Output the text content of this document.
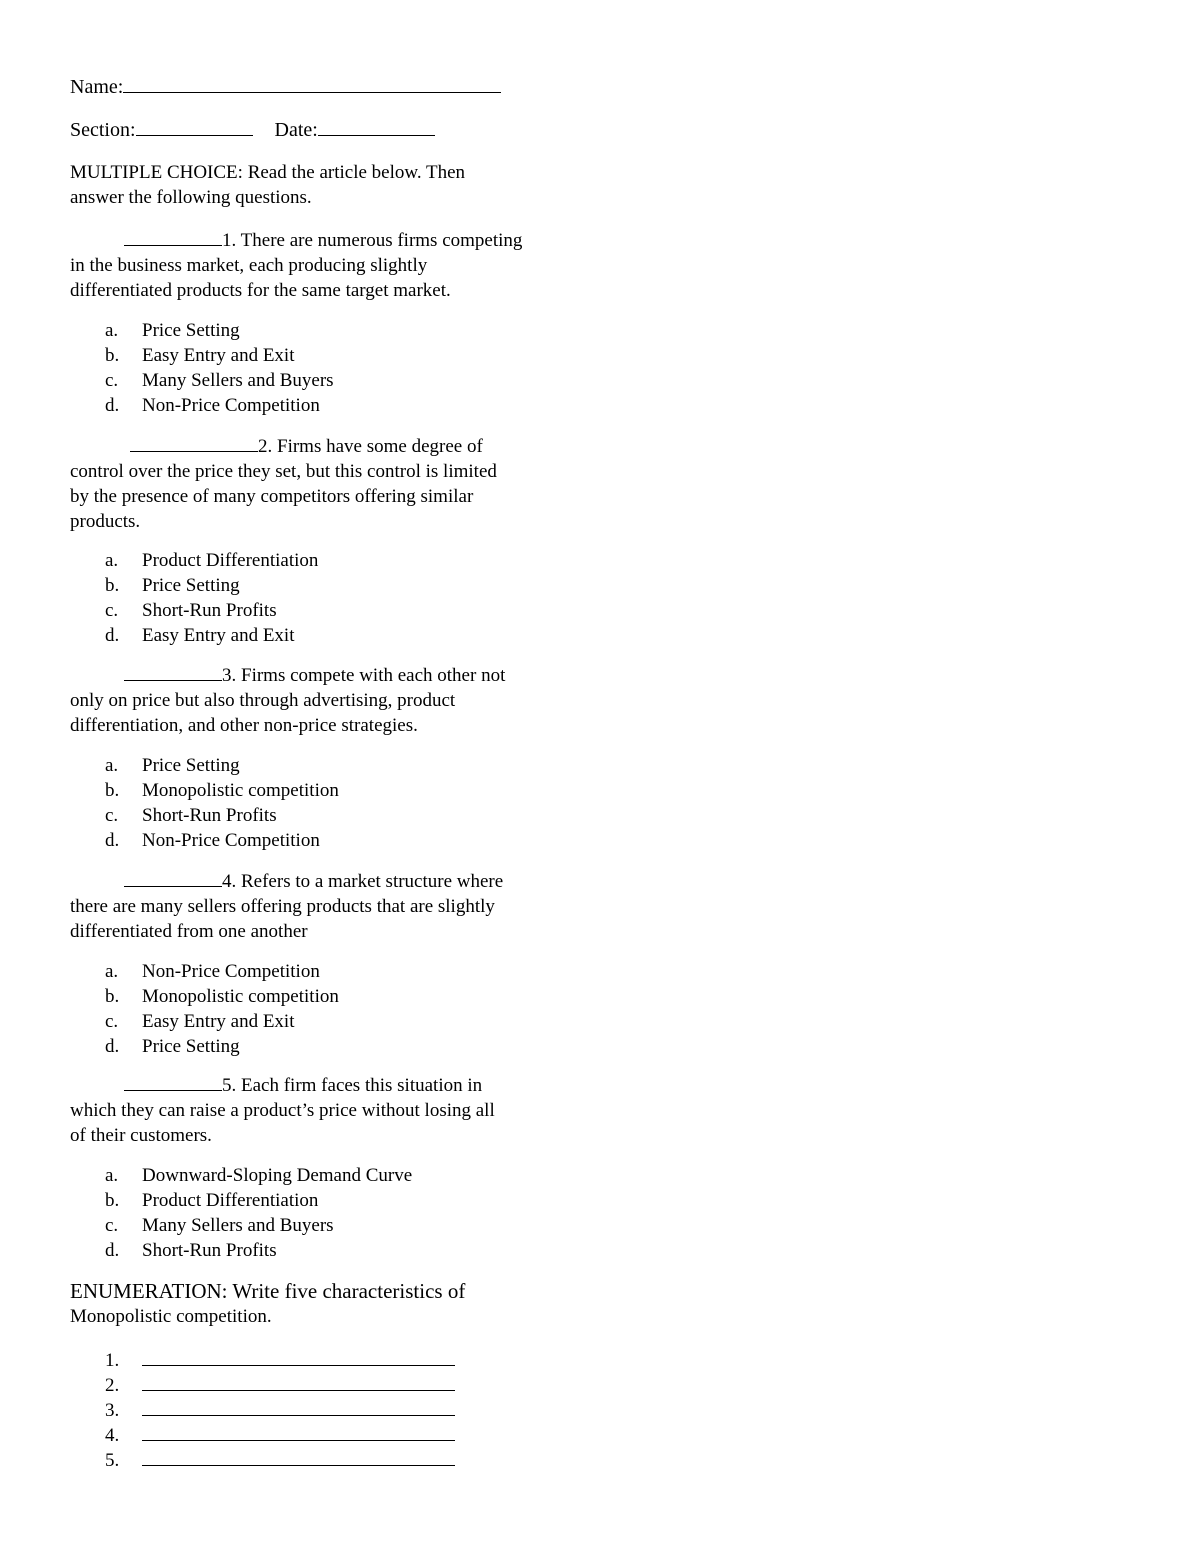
Name:
Section:	Date:
MULTIPLE CHOICE: Read the article below. Then
answer the following questions.
1. There are numerous firms competing
in the business market, each producing slightly
differentiated products for the same target market.
a. Price Setting
b. Easy Entry and Exit
c. Many Sellers and Buyers
d. Non-Price Competition
2. Firms have some degree of
control over the price they set, but this control is limited
by the presence of many competitors offering similar
products.
a. Product Differentiation
b. Price Setting
c. Short-Run Profits
d. Easy Entry and Exit
3. Firms compete with each other not
only on price but also through advertising, product
differentiation, and other non-price strategies.
a. Price Setting
b. Monopolistic competition
c. Short-Run Profits
d. Non-Price Competition
4. Refers to a market structure where
there are many sellers offering products that are slightly
differentiated from one another
a. Non-Price Competition
b. Monopolistic competition
c. Easy Entry and Exit
d. Price Setting
5. Each firm faces this situation in
which they can raise a product’s price without losing all
of their customers.
a. Downward-Sloping Demand Curve
b. Product Differentiation
c. Many Sellers and Buyers
d. Short-Run Profits
ENUMERATION: Write five characteristics of
Monopolistic competition.
1.
2.
3.
4.
5.
